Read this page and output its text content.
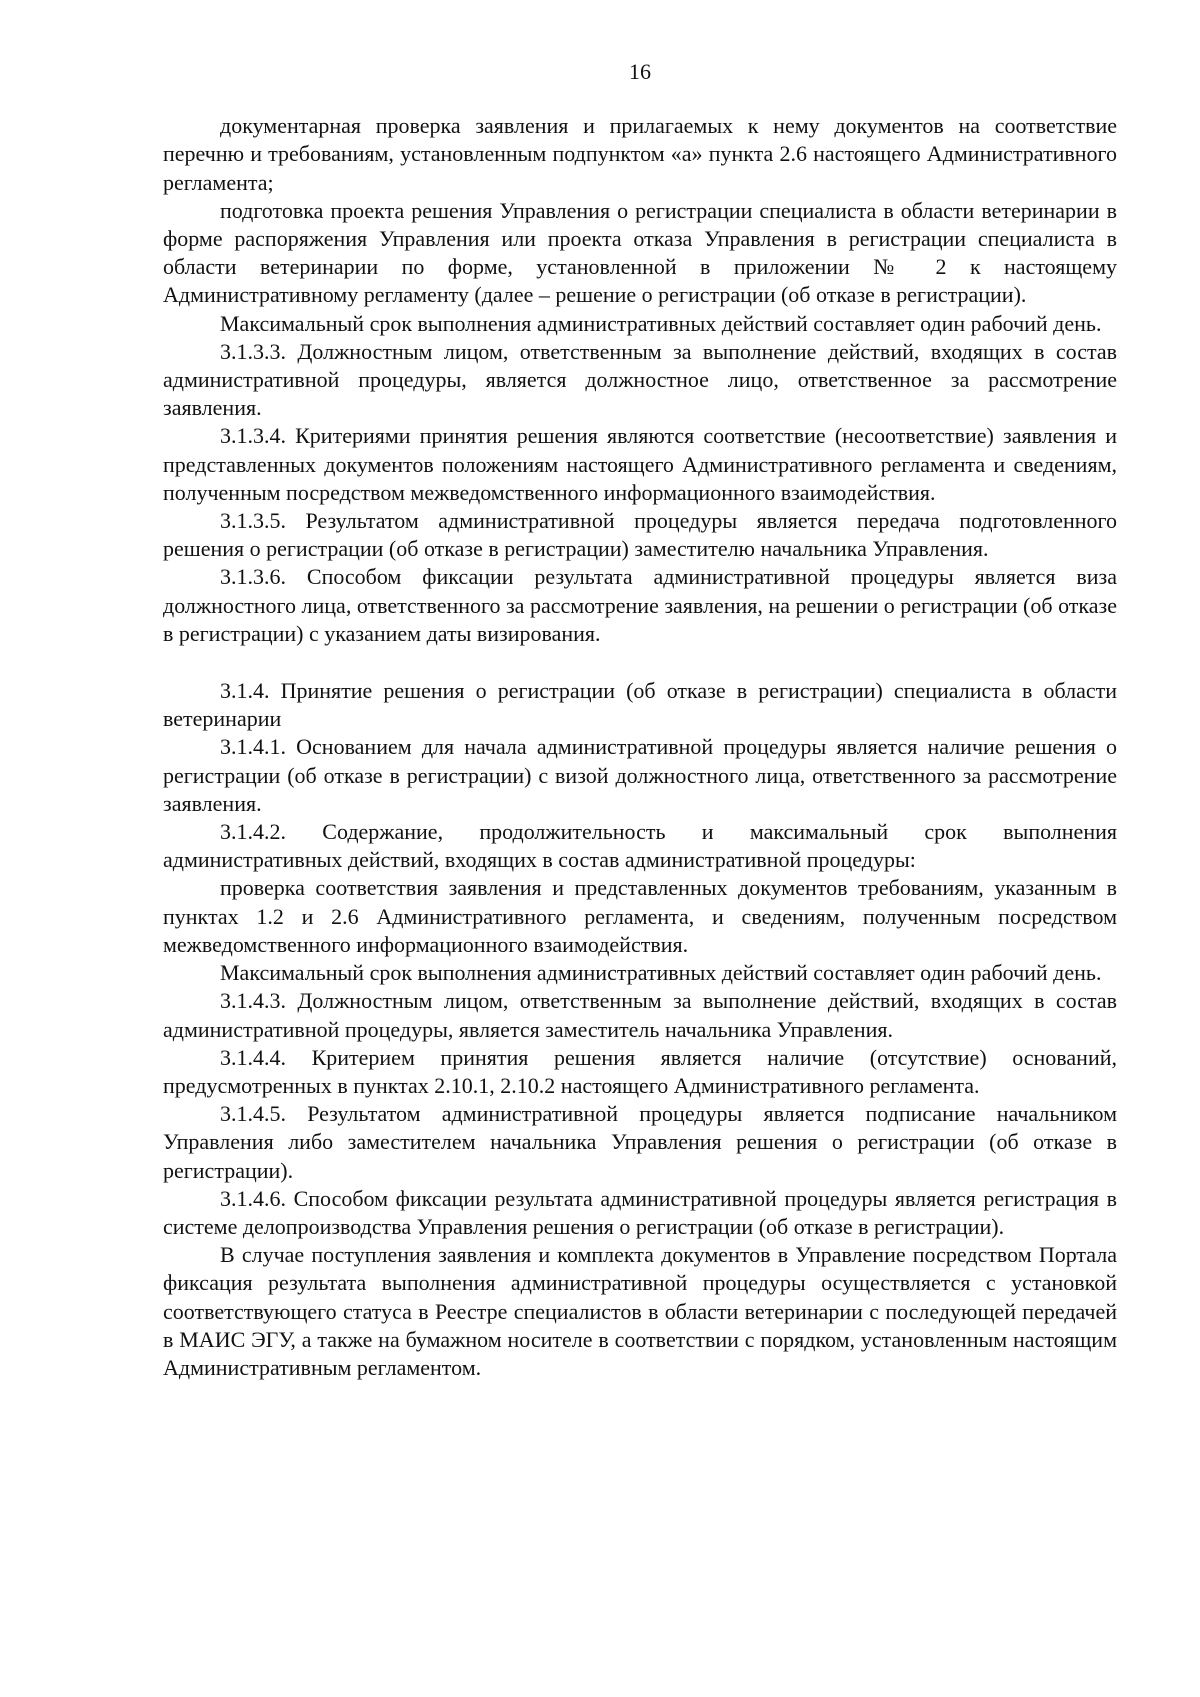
16

документарная проверка заявления и прилагаемых к нему документов на соответствие перечню и требованиям, установленным подпунктом «а» пункта 2.6 настоящего Административного регламента;

подготовка проекта решения Управления о регистрации специалиста в области ветеринарии в форме распоряжения Управления или проекта отказа Управления в регистрации специалиста в области ветеринарии по форме, установленной в приложении № 2 к настоящему Административному регламенту (далее – решение о регистрации (об отказе в регистрации).

Максимальный срок выполнения административных действий составляет один рабочий день.

3.1.3.3. Должностным лицом, ответственным за выполнение действий, входящих в состав административной процедуры, является должностное лицо, ответственное за рассмотрение заявления.

3.1.3.4. Критериями принятия решения являются соответствие (несоответствие) заявления и представленных документов положениям настоящего Административного регламента и сведениям, полученным посредством межведомственного информационного взаимодействия.

3.1.3.5. Результатом административной процедуры является передача подготовленного решения о регистрации (об отказе в регистрации) заместителю начальника Управления.

3.1.3.6. Способом фиксации результата административной процедуры является виза должностного лица, ответственного за рассмотрение заявления, на решении о регистрации (об отказе в регистрации) с указанием даты визирования.

3.1.4. Принятие решения о регистрации (об отказе в регистрации) специалиста в области ветеринарии

3.1.4.1. Основанием для начала административной процедуры является наличие решения о регистрации (об отказе в регистрации) с визой должностного лица, ответственного за рассмотрение заявления.

3.1.4.2. Содержание, продолжительность и максимальный срок выполнения административных действий, входящих в состав административной процедуры:

проверка соответствия заявления и представленных документов требованиям, указанным в пунктах 1.2 и 2.6 Административного регламента, и сведениям, полученным посредством межведомственного информационного взаимодействия.

Максимальный срок выполнения административных действий составляет один рабочий день.

3.1.4.3. Должностным лицом, ответственным за выполнение действий, входящих в состав административной процедуры, является заместитель начальника Управления.

3.1.4.4. Критерием принятия решения является наличие (отсутствие) оснований, предусмотренных в пунктах 2.10.1, 2.10.2 настоящего Административного регламента.

3.1.4.5. Результатом административной процедуры является подписание начальником Управления либо заместителем начальника Управления решения о регистрации (об отказе в регистрации).

3.1.4.6. Способом фиксации результата административной процедуры является регистрация в системе делопроизводства Управления решения о регистрации (об отказе в регистрации).

В случае поступления заявления и комплекта документов в Управление посредством Портала фиксация результата выполнения административной процедуры осуществляется с установкой соответствующего статуса в Реестре специалистов в области ветеринарии с последующей передачей в МАИС ЭГУ, а также на бумажном носителе в соответствии с порядком, установленным настоящим Административным регламентом.
